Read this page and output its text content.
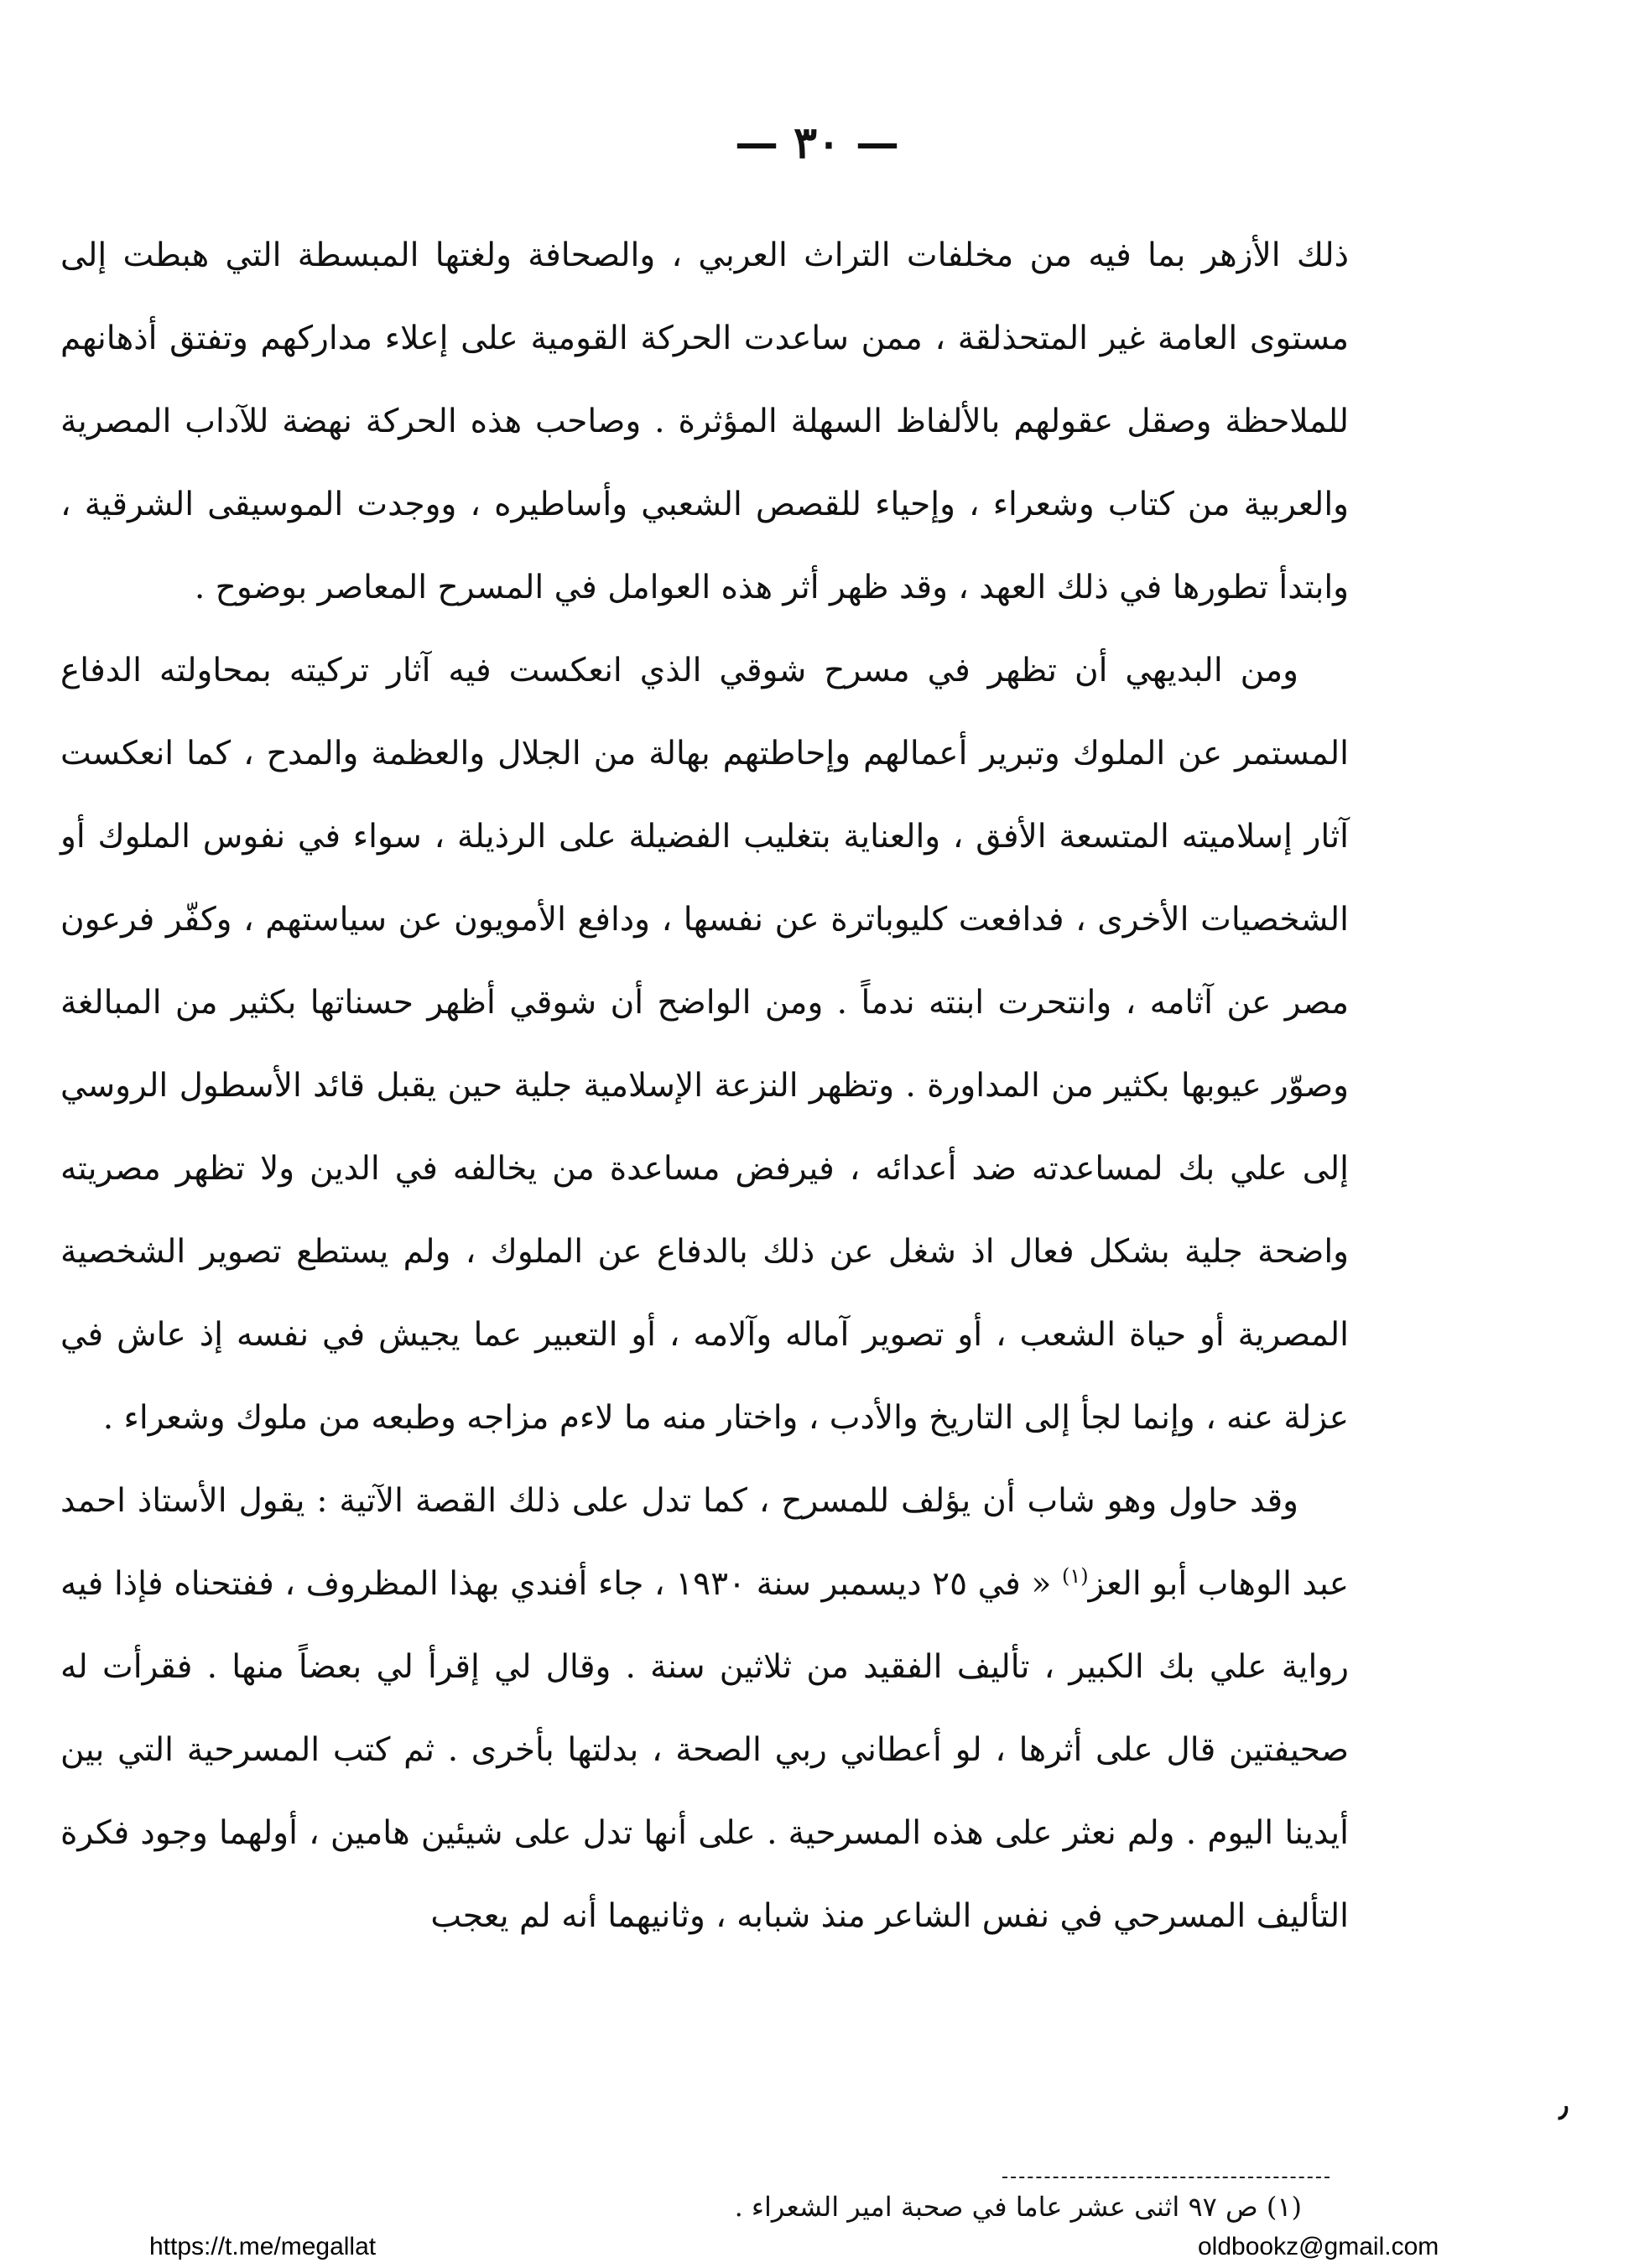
— ٣٠ —

ذلك الأزهر بما فيه من مخلفات التراث العربي ، والصحافة ولغتها المبسطة التي هبطت إلى مستوى العامة غير المتحذلقة ، ممن ساعدت الحركة القومية على إعلاء مداركهم وتفتق أذهانهم للملاحظة وصقل عقولهم بالألفاظ السهلة المؤثرة . وصاحب هذه الحركة نهضة للآداب المصرية والعربية من كتاب وشعراء ، وإحياء للقصص الشعبي وأساطيره ، ووجدت الموسيقى الشرقية ، وابتدأ تطورها في ذلك العهد ، وقد ظهر أثر هذه العوامل في المسرح المعاصر بوضوح .

ومن البديهي أن تظهر في مسرح شوقي الذي انعكست فيه آثار تركيته بمحاولته الدفاع المستمر عن الملوك وتبرير أعمالهم وإحاطتهم بهالة من الجلال والعظمة والمدح ، كما انعكست آثار إسلاميته المتسعة الأفق ، والعناية بتغليب الفضيلة على الرذيلة ، سواء في نفوس الملوك أو الشخصيات الأخرى ، فدافعت كليوباترة عن نفسها ، ودافع الأمويون عن سياستهم ، وكفّر فرعون مصر عن آثامه ، وانتحرت ابنته ندماً . ومن الواضح أن شوقي أظهر حسناتها بكثير من المبالغة وصوّر عيوبها بكثير من المداورة . وتظهر النزعة الإسلامية جلية حين يقبل قائد الأسطول الروسي إلى علي بك لمساعدته ضد أعدائه ، فيرفض مساعدة من يخالفه في الدين ولا تظهر مصريته واضحة جلية بشكل فعال اذ شغل عن ذلك بالدفاع عن الملوك ، ولم يستطع تصوير الشخصية المصرية أو حياة الشعب ، أو تصوير آماله وآلامه ، أو التعبير عما يجيش في نفسه إذ عاش في عزلة عنه ، وإنما لجأ إلى التاريخ والأدب ، واختار منه ما لاءم مزاجه وطبعه من ملوك وشعراء .

وقد حاول وهو شاب أن يؤلف للمسرح ، كما تدل على ذلك القصة الآتية : يقول الأستاذ احمد عبد الوهاب أبو العز$^{(١)}$ « في ٢٥ ديسمبر سنة ١٩٣٠ ، جاء أفندي بهذا المظروف ، ففتحناه فإذا فيه رواية علي بك الكبير ، تأليف الفقيد من ثلاثين سنة . وقال لي إقرأ لي بعضاً منها . فقرأت له صحيفتين قال على أثرها ، لو أعطاني ربي الصحة ، بدلتها بأخرى . ثم كتب المسرحية التي بين أيدينا اليوم . ولم نعثر على هذه المسرحية . على أنها تدل على شيئين هامين ، أولهما وجود فكرة التأليف المسرحي في نفس الشاعر منذ شبابه ، وثانيهما أنه لم يعجب

٫
(١) ص ٩٧ اثنى عشر عاما في صحبة امير الشعراء .
https://t.me/megallat	oldbookz@gmail.com
